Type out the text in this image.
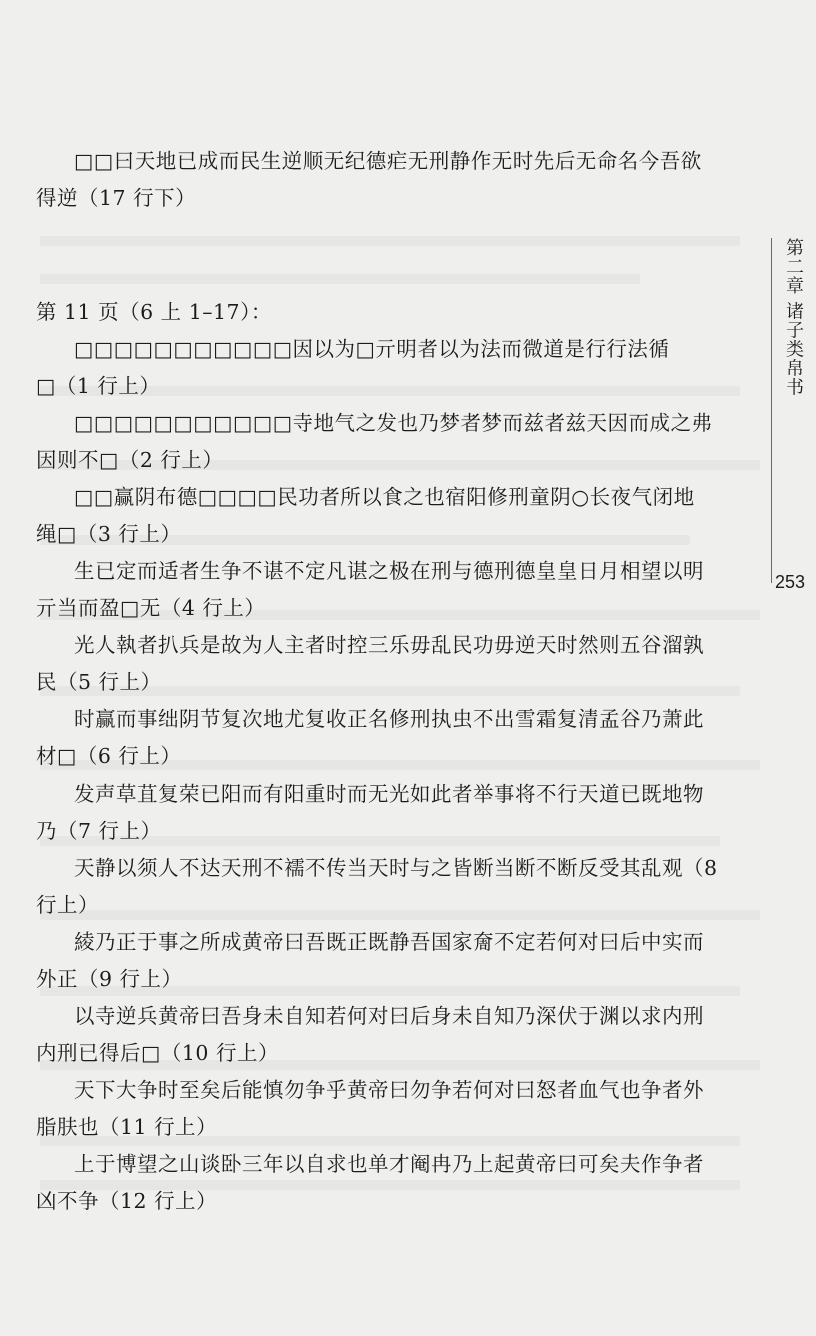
□□曰天地已成而民生逆顺无纪德疟无刑静作无时先后无命名今吾欲
得逆（17 行下）
第 11 页（6 上 1–17）：
□□□□□□□□□□□因以为□亓明者以为法而微道是行行法循
□（1 行上）
□□□□□□□□□□□寺地气之发也乃梦者梦而兹者兹天因而成之弗
因则不□（2 行上）
□□赢阴布德□□□□民功者所以食之也宿阳修刑童阴○长夜气闭地
绳□（3 行上）
生已定而适者生争不谌不定凡谌之极在刑与德刑德皇皇日月相望以明
亓当而盈□无（4 行上）
光人執者扒兵是故为人主者时控三乐毋乱民功毋逆天时然则五谷溜孰
民（5 行上）
时赢而事绌阴节复次地尤复收正名修刑执虫不出雪霜复清孟谷乃萧此
材□（6 行上）
发声草苴复荣已阳而有阳重时而无光如此者举事将不行天道已既地物
乃（7 行上）
天静以须人不达天刑不襦不传当天时与之皆断当断不断反受其乱观（8
行上）
綾乃正于事之所成黄帝曰吾既正既静吾国家奝不定若何对曰后中实而
外正（9 行上）
以寺逆兵黄帝曰吾身未自知若何对曰后身未自知乃深伏于渊以求内刑
内刑已得后□（10 行上）
天下大争时至矣后能慎勿争乎黄帝曰勿争若何对曰怒者血气也争者外
脂肤也（11 行上）
上于博望之山谈卧三年以自求也单才阉冉乃上起黄帝曰可矣夫作争者
凶不争（12 行上）
第二章 诸子类帛书
253
